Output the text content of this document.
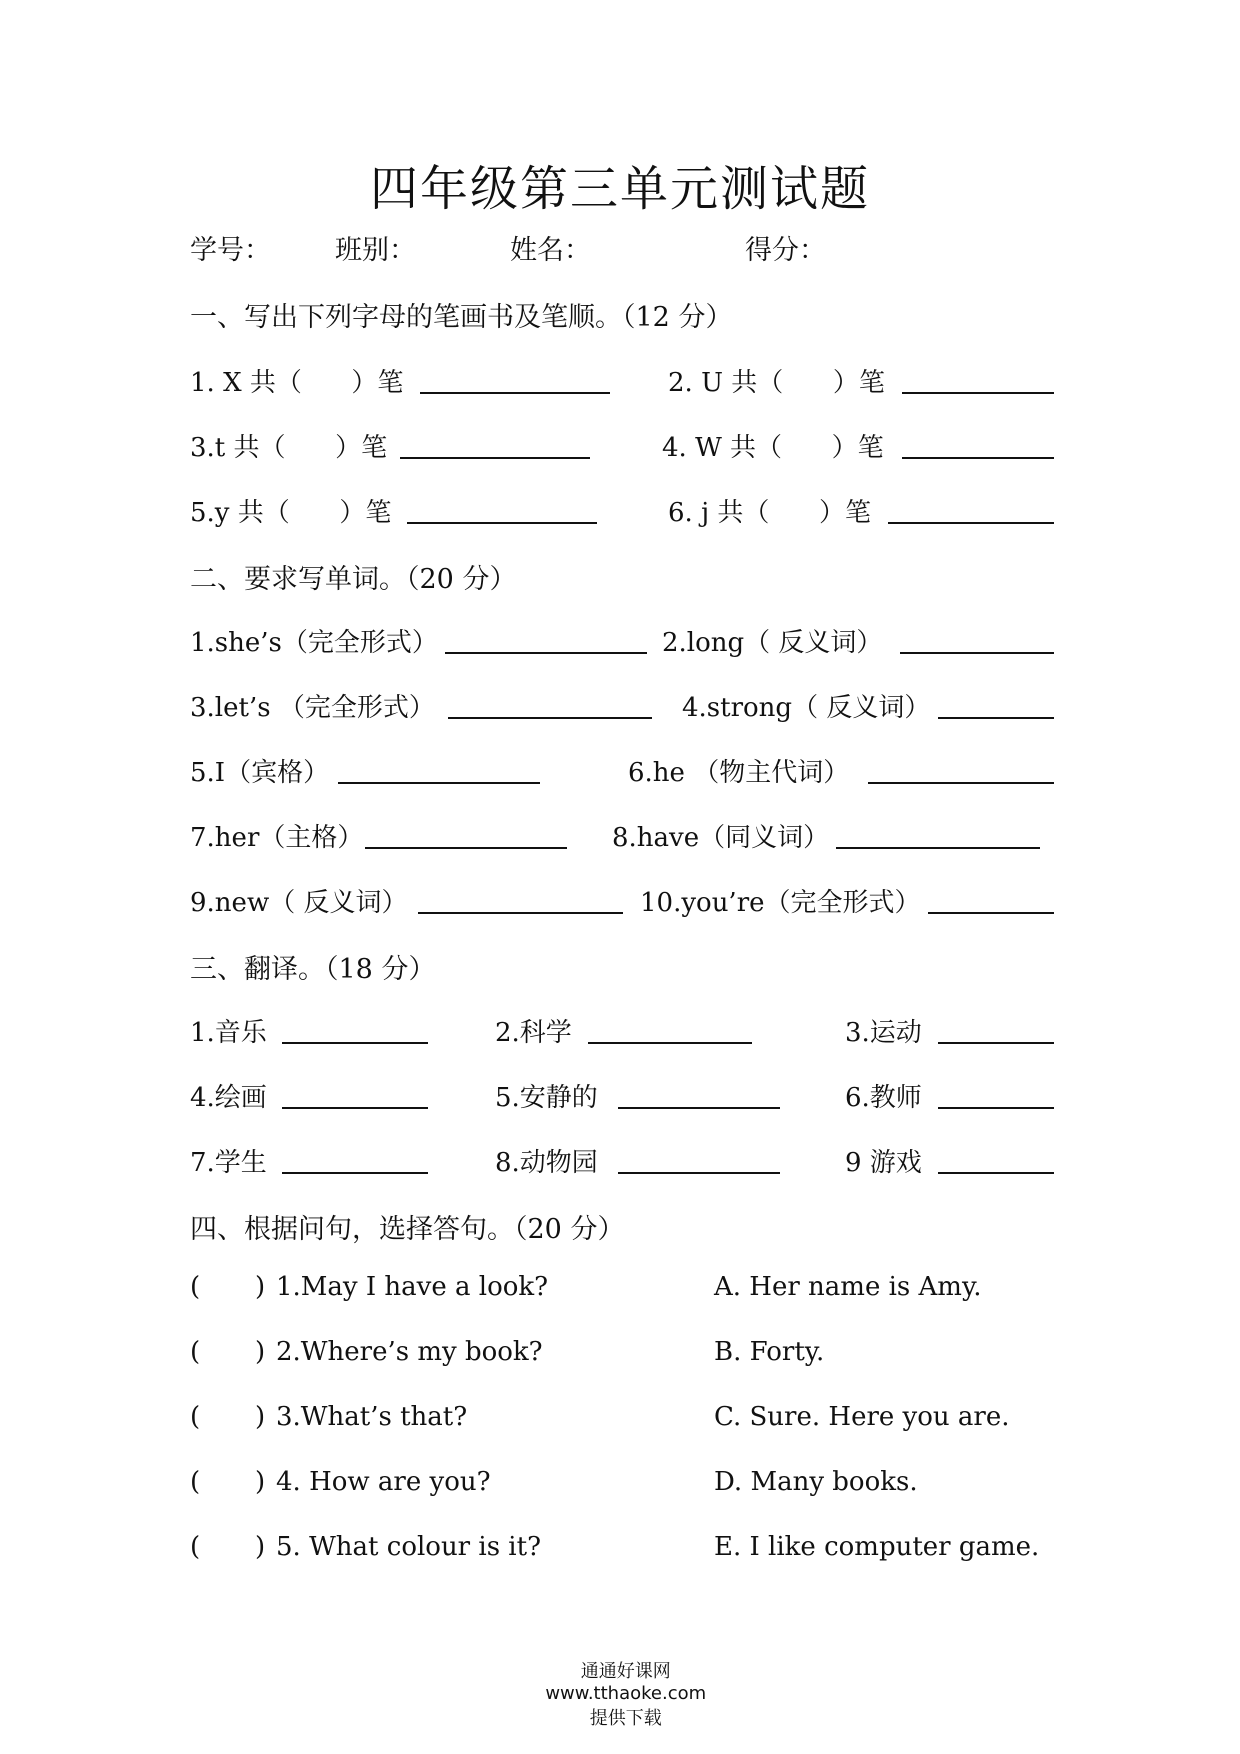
四年级第三单元测试题
学号： 班别：	姓名：	得分：
一、写出下列字母的笔画书及笔顺。（12 分）
1. X 共（      ）笔	2. U 共（      ）笔
3.t 共（      ）笔	4. W 共（      ）笔
5.y 共（      ）笔	6. j 共（      ）笔
二、要求写单词。（20 分）
1.she’s（完全形式）	2.long（ 反义词）
3.let’s （完全形式）	4.strong（ 反义词）
5.I（宾格）	6.he （物主代词）
7.her（主格）	8.have（同义词）
9.new（ 反义词）	10.you’re（完全形式）
三、翻译。（18 分）
1.音乐	2.科学	3.运动
4.绘画	5.安静的	6.教师
7.学生	8.动物园	9 游戏
四、根据问句，选择答句。（20 分）
( ) 1.May I have a look?	A. Her name is Amy.
( ) 2.Where’s my book?	B. Forty.
( ) 3.What’s that?	C. Sure. Here you are.
( ) 4. How are you?	D. Many books.
( ) 5. What colour is it?	E. I like computer game.

通通好课网
www.tthaoke.com
提供下载
